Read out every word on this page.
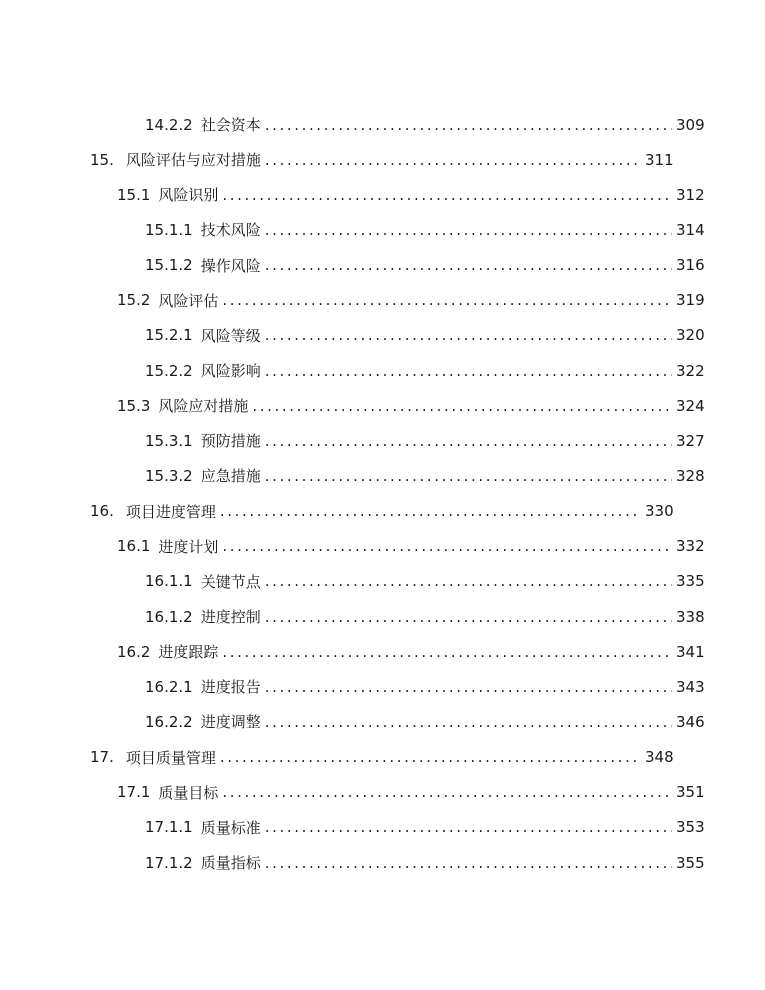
14.2.2 社会资本 .....	309
15. 风险评估与应对措施 .....	311
15.1 风险识别 .....	312
15.1.1 技术风险 .....	314
15.1.2 操作风险 .....	316
15.2 风险评估 .....	319
15.2.1 风险等级 .....	320
15.2.2 风险影响 .....	322
15.3 风险应对措施 .....	324
15.3.1 预防措施 .....	327
15.3.2 应急措施 .....	328
16. 项目进度管理 .....	330
16.1 进度计划 .....	332
16.1.1 关键节点 .....	335
16.1.2 进度控制 .....	338
16.2 进度跟踪 .....	341
16.2.1 进度报告 .....	343
16.2.2 进度调整 .....	346
17. 项目质量管理 .....	348
17.1 质量目标 .....	351
17.1.1 质量标准 .....	353
17.1.2 质量指标 .....	355
